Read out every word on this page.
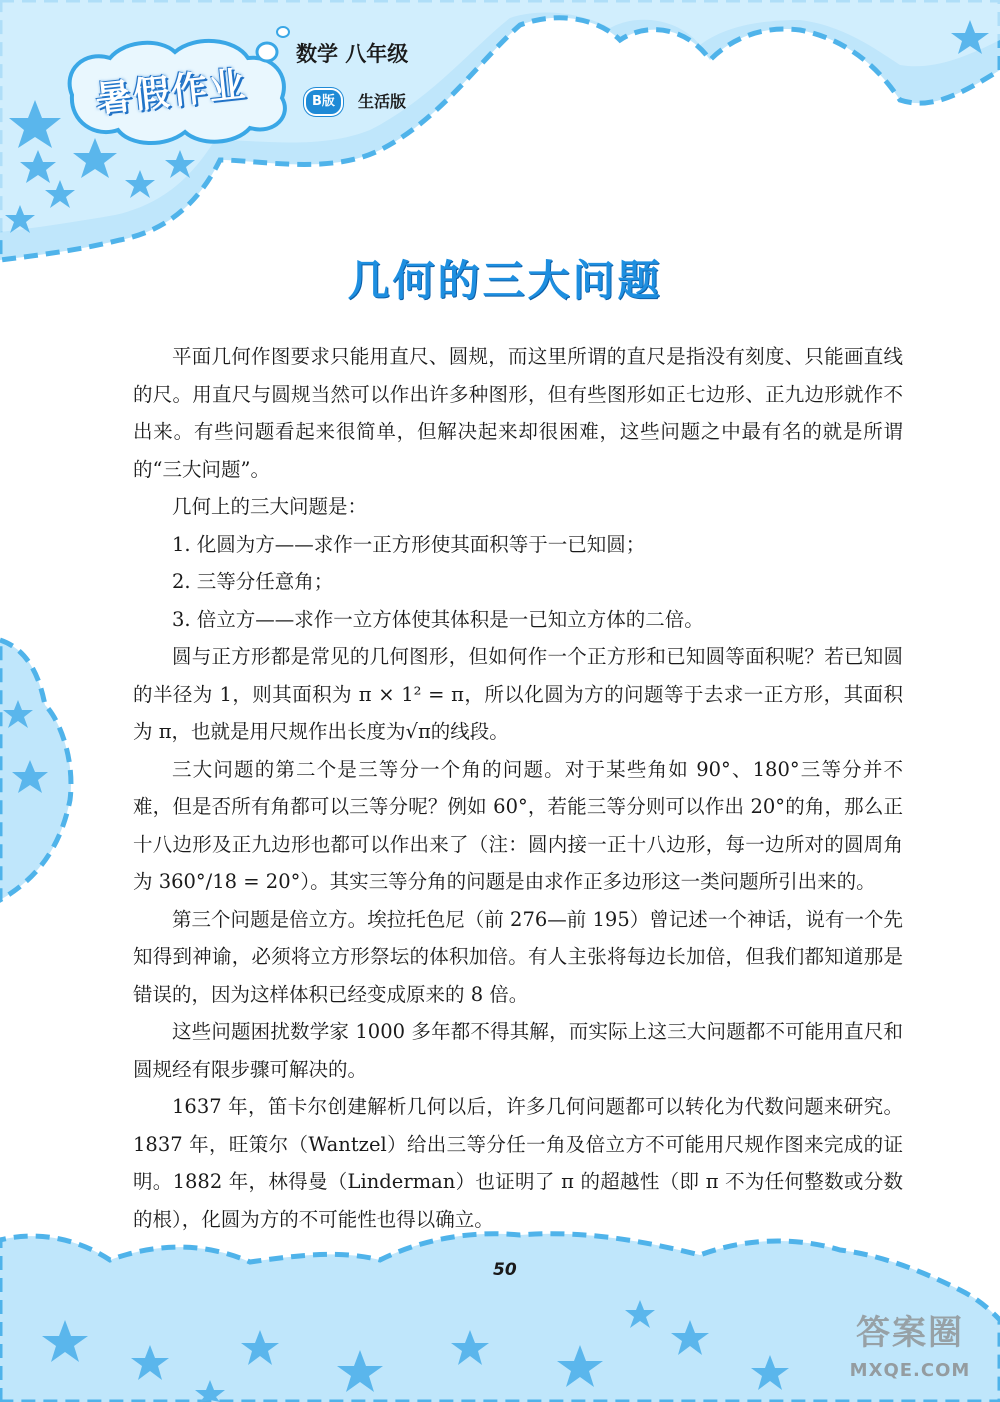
暑假作业
数学 八年级
B版	生活版
几何的三大问题

平面几何作图要求只能用直尺、圆规，而这里所谓的直尺是指没有刻度、只能画直线的尺。用直尺与圆规当然可以作出许多种图形，但有些图形如正七边形、正九边形就作不出来。有些问题看起来很简单，但解决起来却很困难，这些问题之中最有名的就是所谓的“三大问题”。

几何上的三大问题是：

1. 化圆为方——求作一正方形使其面积等于一已知圆；

2. 三等分任意角；

3. 倍立方——求作一立方体使其体积是一已知立方体的二倍。

圆与正方形都是常见的几何图形，但如何作一个正方形和已知圆等面积呢？若已知圆的半径为 1，则其面积为 π × 1² = π，所以化圆为方的问题等于去求一正方形，其面积为 π，也就是用尺规作出长度为√π的线段。

三大问题的第二个是三等分一个角的问题。对于某些角如 90°、180°三等分并不难，但是否所有角都可以三等分呢？例如 60°，若能三等分则可以作出 20°的角，那么正十八边形及正九边形也都可以作出来了（注：圆内接一正十八边形，每一边所对的圆周角为 360°/18 = 20°）。其实三等分角的问题是由求作正多边形这一类问题所引出来的。

第三个问题是倍立方。埃拉托色尼（前 276—前 195）曾记述一个神话，说有一个先知得到神谕，必须将立方形祭坛的体积加倍。有人主张将每边长加倍，但我们都知道那是错误的，因为这样体积已经变成原来的 8 倍。

这些问题困扰数学家 1000 多年都不得其解，而实际上这三大问题都不可能用直尺和圆规经有限步骤可解决的。

1637 年，笛卡尔创建解析几何以后，许多几何问题都可以转化为代数问题来研究。1837 年，旺策尔（Wantzel）给出三等分任一角及倍立方不可能用尺规作图来完成的证明。1882 年，林得曼（Linderman）也证明了 π 的超越性（即 π 不为任何整数或分数的根），化圆为方的不可能性也得以确立。

50
答案圈
MXQE.COM
